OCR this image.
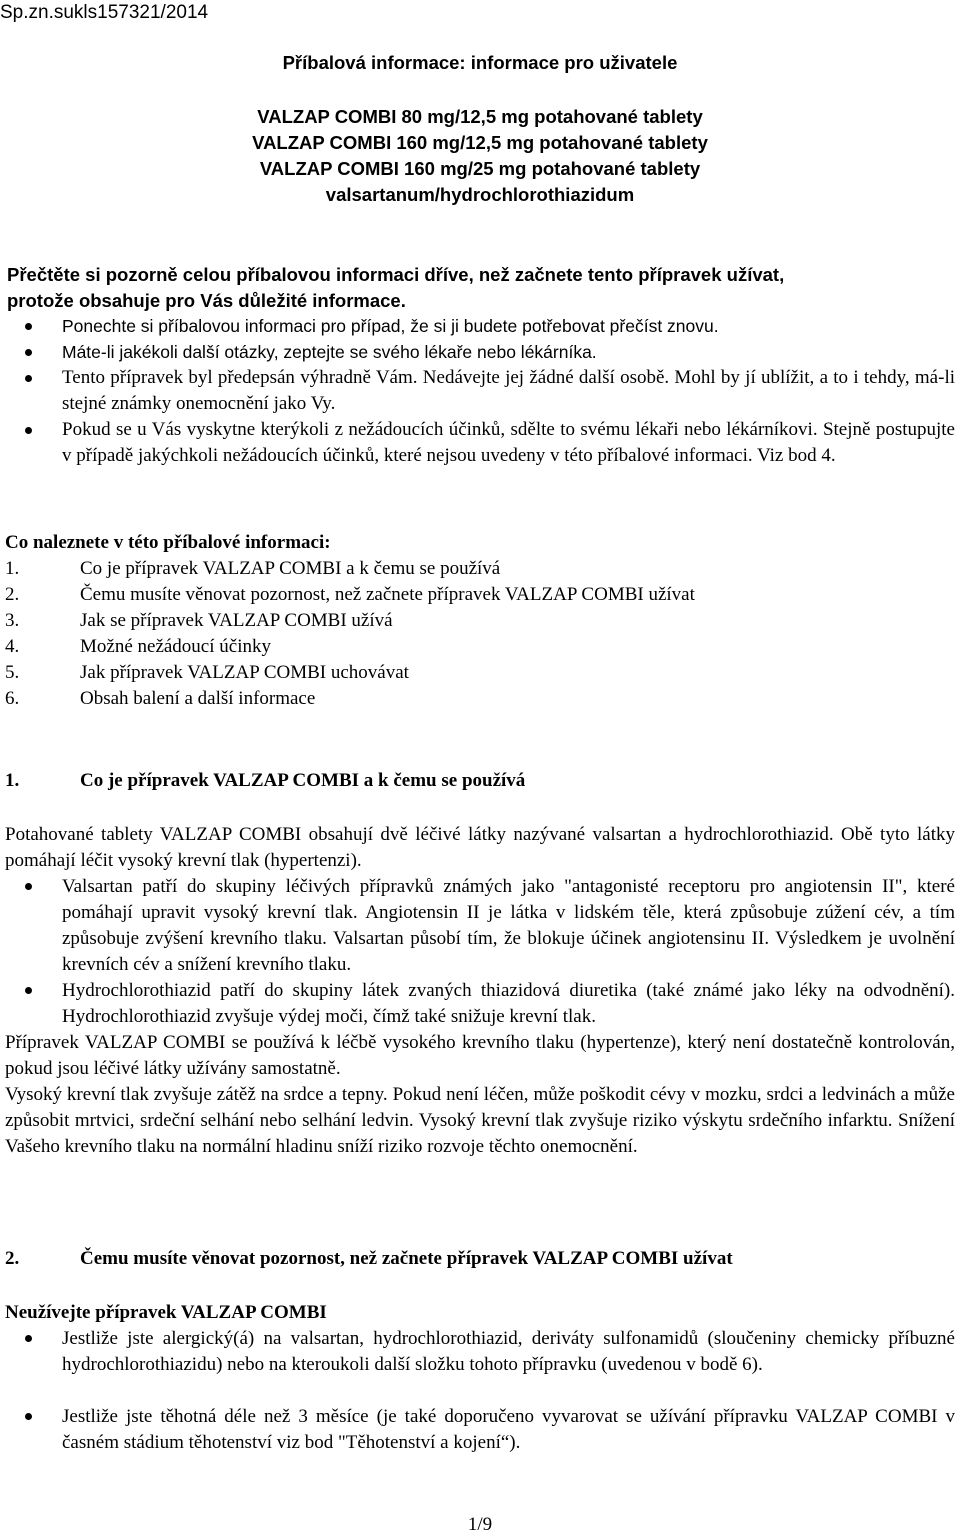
Sp.zn.sukls157321/2014
Příbalová informace: informace pro uživatele
VALZAP COMBI 80 mg/12,5 mg potahované tablety
VALZAP COMBI 160 mg/12,5 mg potahované tablety
VALZAP COMBI 160 mg/25 mg potahované tablety
valsartanum/hydrochlorothiazidum
Přečtěte si pozorně celou příbalovou informaci dříve, než začnete tento přípravek užívat,
protože obsahuje pro Vás důležité informace.
Ponechte si příbalovou informaci pro případ, že si ji budete potřebovat přečíst znovu.
Máte-li jakékoli další otázky, zeptejte se svého lékaře nebo lékárníka.
Tento přípravek byl předepsán výhradně Vám. Nedávejte jej žádné další osobě. Mohl by jí ublížit, a to i tehdy, má-li stejné známky onemocnění jako Vy.
Pokud se u Vás vyskytne kterýkoli z nežádoucích účinků, sdělte to svému lékaři nebo lékárníkovi. Stejně postupujte v případě jakýchkoli nežádoucích účinků, které nejsou uvedeny v této příbalové informaci. Viz bod 4.
Co naleznete v této příbalové informaci:
1.	Co je přípravek VALZAP COMBI a k čemu se používá
2.	Čemu musíte věnovat pozornost, než začnete přípravek VALZAP COMBI užívat
3.	Jak se přípravek VALZAP COMBI užívá
4.	Možné nežádoucí účinky
5.	Jak přípravek VALZAP COMBI uchovávat
6.	Obsah balení a další informace
1.	Co je přípravek VALZAP COMBI a k čemu se používá
Potahované tablety VALZAP COMBI obsahují dvě léčivé látky nazývané valsartan a hydrochlorothiazid. Obě tyto látky pomáhají léčit vysoký krevní tlak (hypertenzi).
Valsartan patří do skupiny léčivých přípravků známých jako "antagonisté receptoru pro angiotensin II", které pomáhají upravit vysoký krevní tlak. Angiotensin II je látka v lidském těle, která způsobuje zúžení cév, a tím způsobuje zvýšení krevního tlaku. Valsartan působí tím, že blokuje účinek angiotensinu II. Výsledkem je uvolnění krevních cév a snížení krevního tlaku.
Hydrochlorothiazid patří do skupiny látek zvaných thiazidová diuretika (také známé jako léky na odvodnění). Hydrochlorothiazid zvyšuje výdej moči, čímž také snižuje krevní tlak.
Přípravek VALZAP COMBI se používá k léčbě vysokého krevního tlaku (hypertenze), který není dostatečně kontrolován, pokud jsou léčivé látky užívány samostatně.
Vysoký krevní tlak zvyšuje zátěž na srdce a tepny. Pokud není léčen, může poškodit cévy v mozku, srdci a ledvinách a může způsobit mrtvici, srdeční selhání nebo selhání ledvin. Vysoký krevní tlak zvyšuje riziko výskytu srdečního infarktu. Snížení Vašeho krevního tlaku na normální hladinu sníží riziko rozvoje těchto onemocnění.
2.	Čemu musíte věnovat pozornost, než začnete přípravek VALZAP COMBI užívat
Neužívejte přípravek VALZAP COMBI
Jestliže jste alergický(á) na valsartan, hydrochlorothiazid, deriváty sulfonamidů (sloučeniny chemicky příbuzné hydrochlorothiazidu) nebo na kteroukoli další složku tohoto přípravku (uvedenou v bodě 6).
Jestliže jste těhotná déle než 3 měsíce (je také doporučeno vyvarovat se užívání přípravku VALZAP COMBI v časném stádium těhotenství viz bod "Těhotenství a kojení“).
1/9
